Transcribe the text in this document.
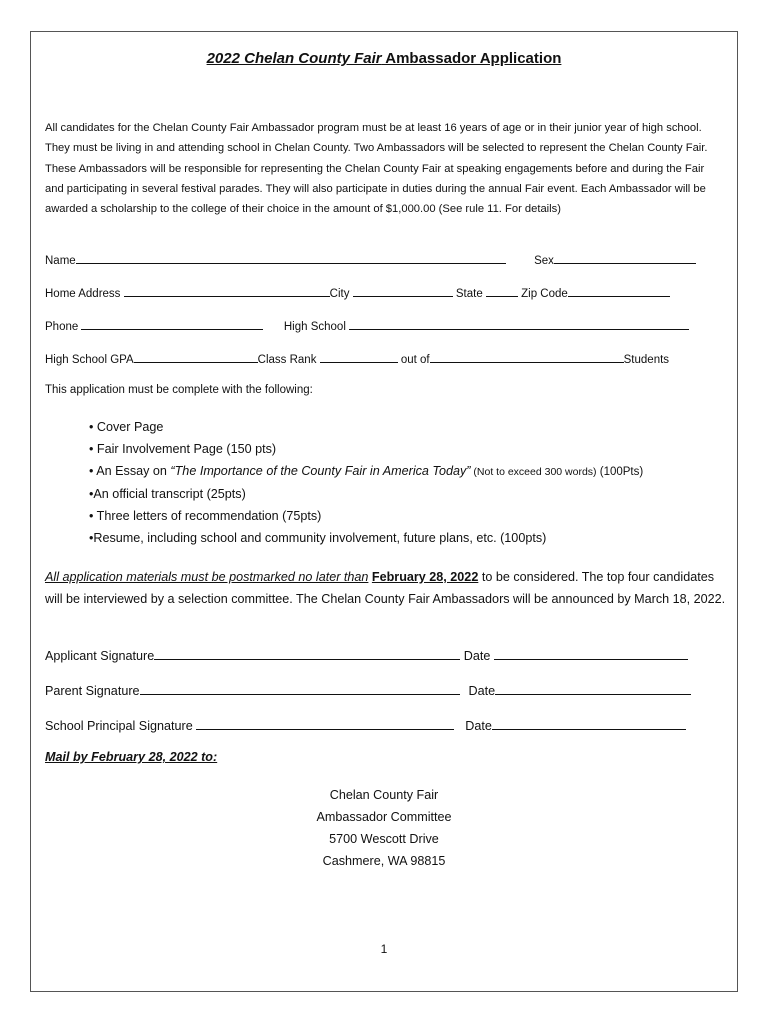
2022 Chelan County Fair Ambassador Application
All candidates for the Chelan County Fair Ambassador program must be at least 16 years of age or in their junior year of high school. They must be living in and attending school in Chelan County. Two Ambassadors will be selected to represent the Chelan County Fair. These Ambassadors will be responsible for representing the Chelan County Fair at speaking engagements before and during the Fair and participating in several festival parades. They will also participate in duties during the annual Fair event. Each Ambassador will be awarded a scholarship to the college of their choice in the amount of $1,000.00 (See rule 11. For details)
Name	Sex
Home Address	City	State	Zip Code
Phone	High School
High School GPA	Class Rank	out of	Students
This application must be complete with the following:
• Cover Page
• Fair Involvement Page (150 pts)
• An Essay on “The Importance of the County Fair in America Today” (Not to exceed 300 words) (100Pts)
•An official transcript (25pts)
• Three letters of recommendation (75pts)
•Resume, including school and community involvement, future plans, etc. (100pts)
All application materials must be postmarked no later than February 28, 2022 to be considered. The top four candidates will be interviewed by a selection committee. The Chelan County Fair Ambassadors will be announced by March 18, 2022.
Applicant Signature	Date
Parent Signature	Date
School Principal Signature	Date
Mail by February 28, 2022 to:
Chelan County Fair
Ambassador Committee
5700 Wescott Drive
Cashmere, WA 98815
1
